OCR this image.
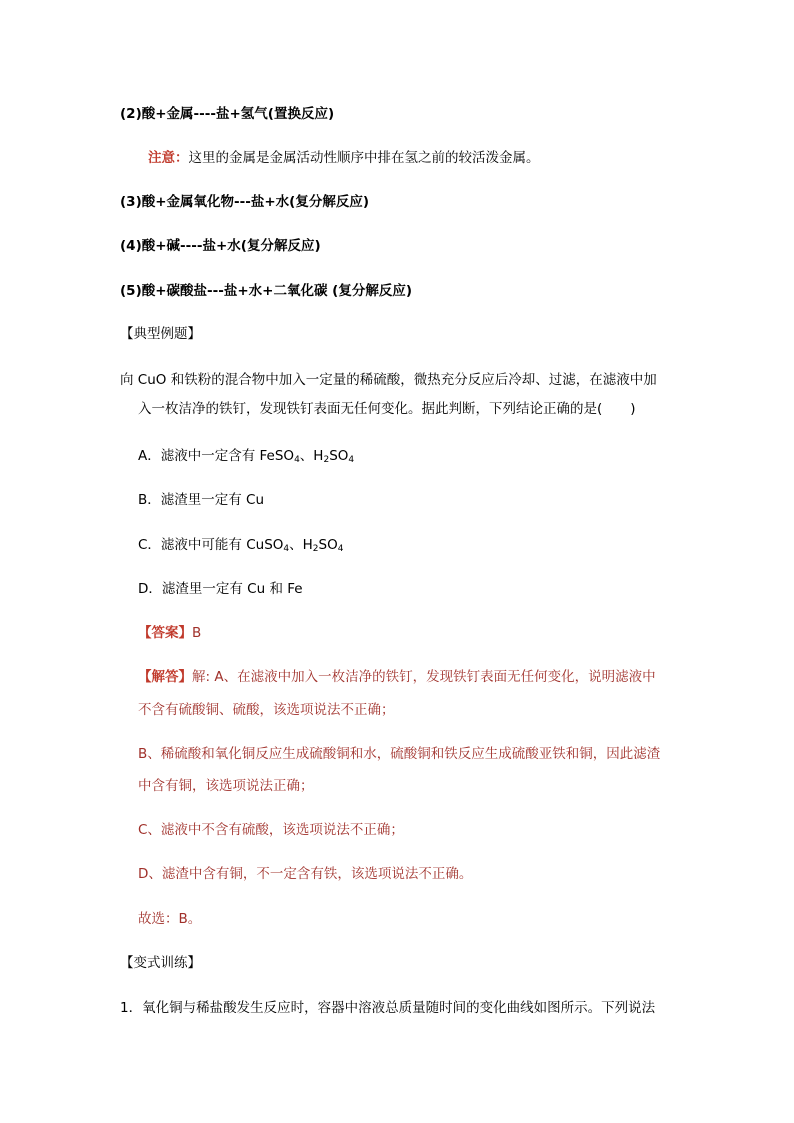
(2)酸+金属----盐+氢气(置换反应)
注意：这里的金属是金属活动性顺序中排在氢之前的较活泼金属。
(3)酸+金属氧化物---盐+水(复分解反应)
(4)酸+碱----盐+水(复分解反应)
(5)酸+碳酸盐---盐+水+二氧化碳 (复分解反应)
【典型例题】
向 CuO 和铁粉的混合物中加入一定量的稀硫酸，微热充分反应后冷却、过滤，在滤液中加
入一枚洁净的铁钉，发现铁钉表面无任何变化。据此判断，下列结论正确的是( )
A．滤液中一定含有 FeSO$_4$、$H_2SO_4$
B．滤渣里一定有 Cu
C．滤液中可能有 CuSO$_4$、$H_2SO_4$
D．滤渣里一定有 Cu 和 Fe
【答案】B
【解答】解: A、在滤液中加入一枚洁净的铁钉，发现铁钉表面无任何变化，说明滤液中
不含有硫酸铜、硫酸，该选项说法不正确；
B、稀硫酸和氧化铜反应生成硫酸铜和水，硫酸铜和铁反应生成硫酸亚铁和铜，因此滤渣
中含有铜，该选项说法正确；
C、滤液中不含有硫酸，该选项说法不正确；
D、滤渣中含有铜，不一定含有铁，该选项说法不正确。
故选：B。
【变式训练】
1．氧化铜与稀盐酸发生反应时，容器中溶液总质量随时间的变化曲线如图所示。下列说法
